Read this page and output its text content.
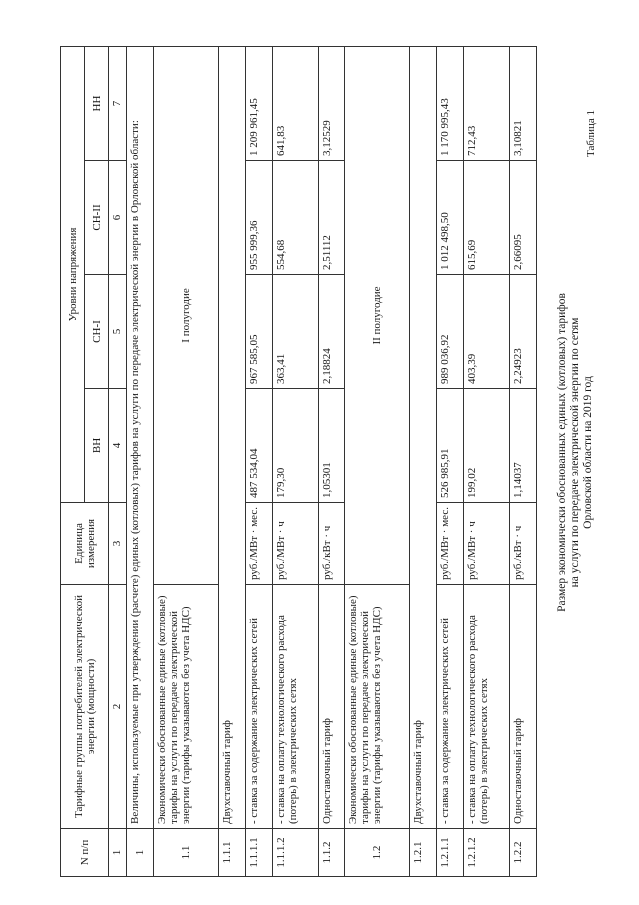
Таблица 1
Размер экономически обоснованных единых (котловых) тарифов на услуги по передаче электрической энергии по сетям Орловской области на 2019 год
N п/п	Тарифные группы потребителей электрической энергии (мощности)	Единица измерения	Уровни напряжения			
			ВН	СН-I	СН-II	НН
1	2	3	4	5	6	7
1	Величины, используемые при утверждении (расчете) единых (котловых) тарифов на услуги по передаче электрической энергии в Орловской области:					
1.1	Экономически обоснованные единые (котловые) тарифы на услуги по передаче электрической энергии (тарифы указываются без учета НДС)	I полугодие				
1.1.1	Двухставочный тариф					
1.1.1.1	- ставка за содержание электрических сетей	руб./МВт · мес.	487 534,04	967 585,05	955 999,36	1 209 961,45
1.1.1.2	- ставка на оплату технологического расхода (потерь) в электрических сетях	руб./МВт · ч	179,30	363,41	554,68	641,83
1.1.2	Одноставочный тариф	руб./кВт · ч	1,05301	2,18824	2,51112	3,12529
1.2	Экономически обоснованные единые (котловые) тарифы на услуги по передаче электрической энергии (тарифы указываются без учета НДС)	II полугодие				
1.2.1	Двухставочный тариф					
1.2.1.1	- ставка за содержание электрических сетей	руб./МВт · мес.	526 985,91	989 036,92	1 012 498,50	1 170 995,43
1.2.1.2	- ставка на оплату технологического расхода (потерь) в электрических сетях	руб./МВт · ч	199,02	403,39	615,69	712,43
1.2.2	Одноставочный тариф	руб./кВт · ч	1,14037	2,24923	2,66095	3,10821
